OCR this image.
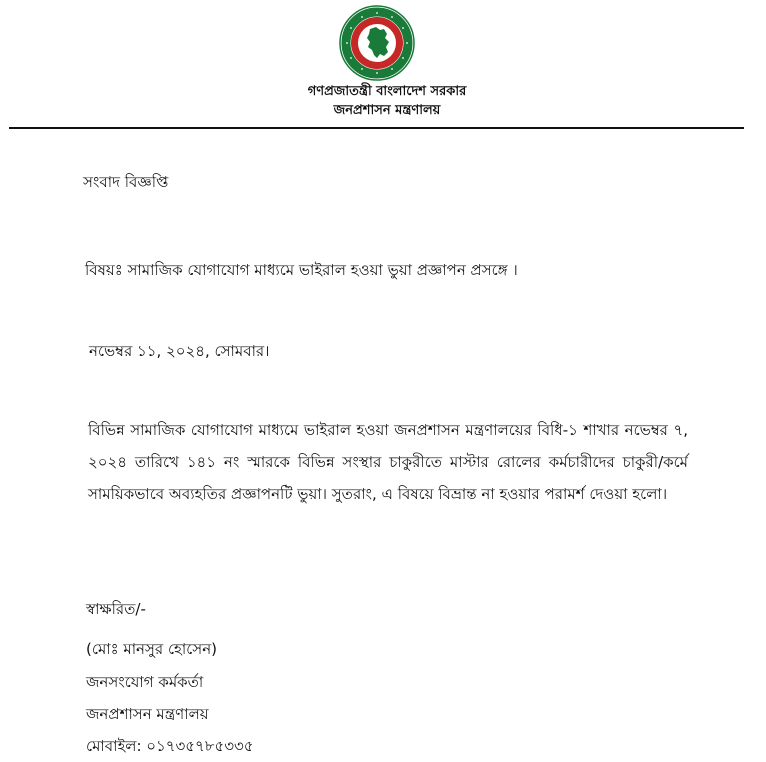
গণপ্রজাতন্ত্রী বাংলাদেশ সরকার
জনপ্রশাসন মন্ত্রণালয়
সংবাদ বিজ্ঞপ্তি
বিষয়ঃ সামাজিক যোগাযোগ মাধ্যমে ভাইরাল হওয়া ভুয়া প্রজ্ঞাপন প্রসঙ্গে ।
নভেম্বর ১১, ২০২৪, সোমবার।
বিভিন্ন সামাজিক যোগাযোগ মাধ্যমে ভাইরাল হওয়া জনপ্রশাসন মন্ত্রণালয়ের বিধি-১ শাখার নভেম্বর ৭, ২০২৪ তারিখে ১৪১ নং স্মারকে বিভিন্ন সংস্থার চাকুরীতে মাস্টার রোলের কর্মচারীদের চাকুরী/কর্মে সাময়িকভাবে অব্যহতির প্রজ্ঞাপনটি ভুয়া। সুতরাং, এ বিষয়ে বিভ্রান্ত না হওয়ার পরামর্শ দেওয়া হলো।
স্বাক্ষরিত/-
(মোঃ মানসুর হোসেন)
জনসংযোগ কর্মকর্তা
জনপ্রশাসন মন্ত্রণালয়
মোবাইল: ০১৭৩৫৭৮৫৩৩৫
